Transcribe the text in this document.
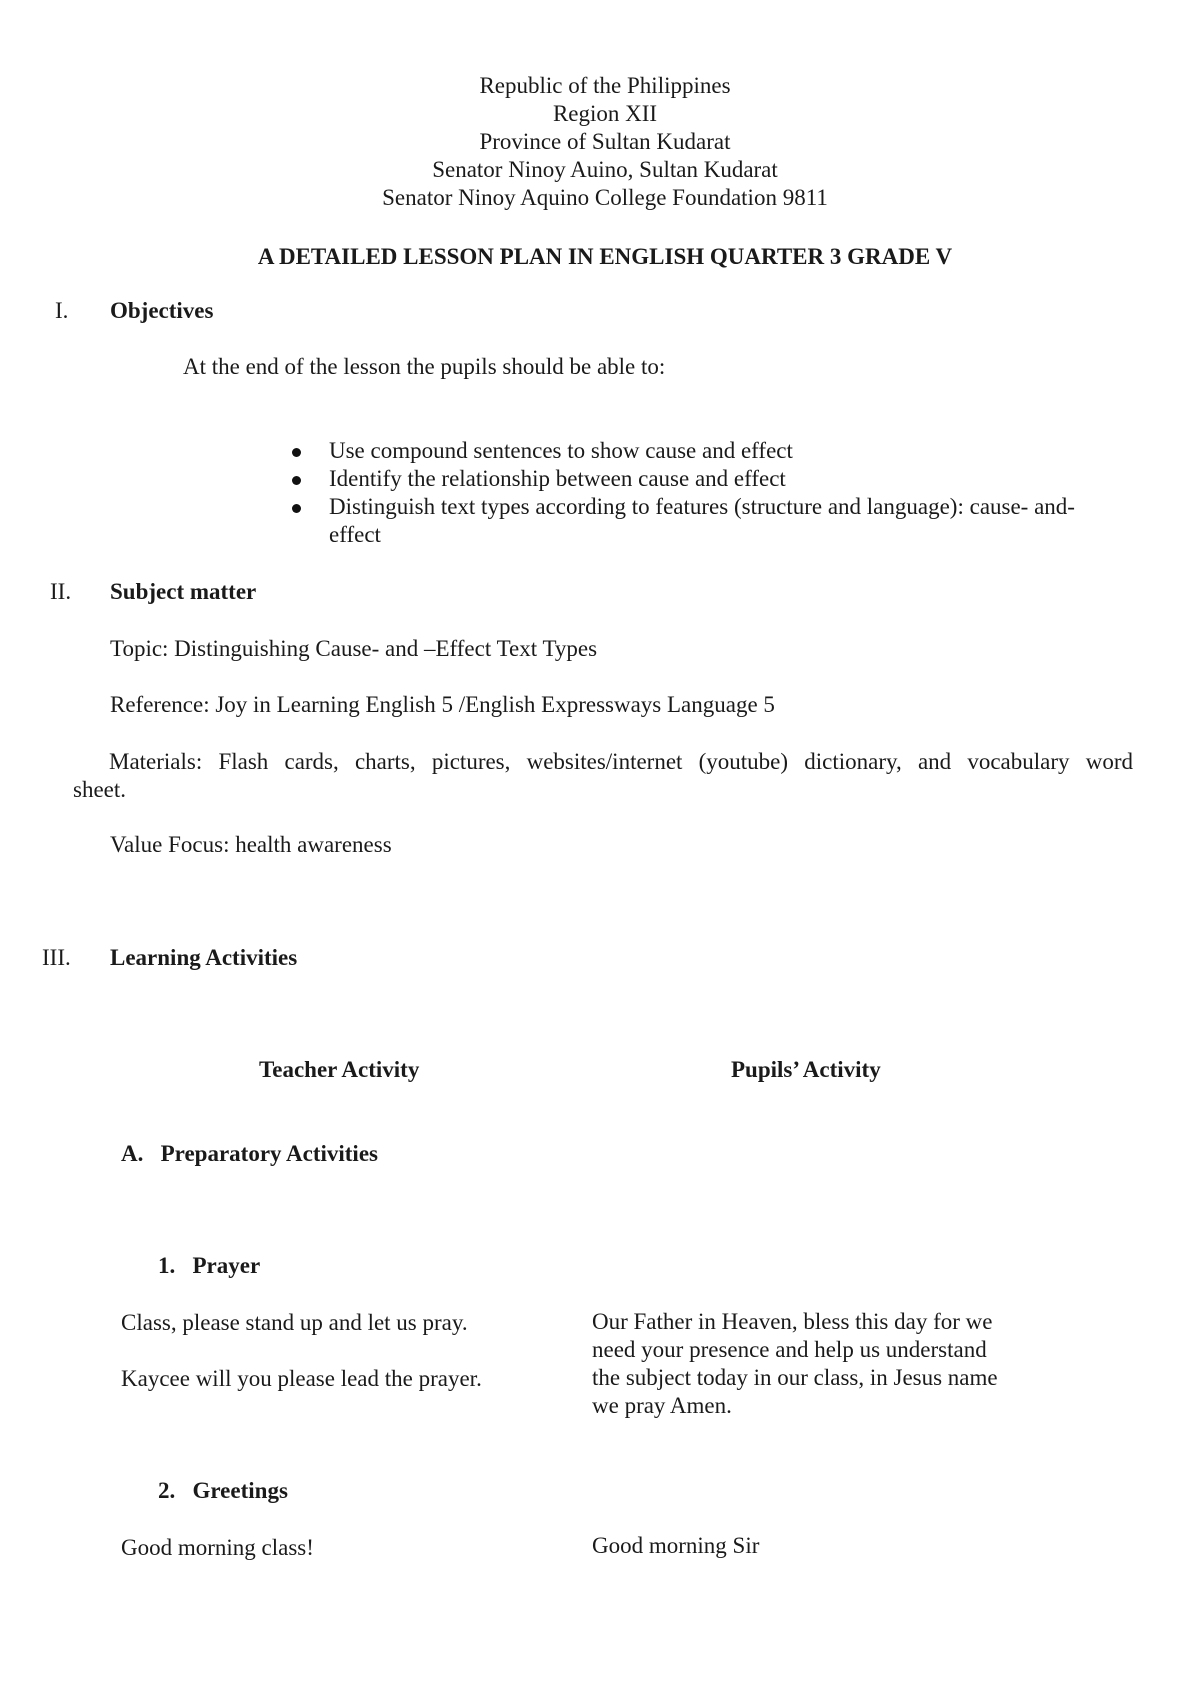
Republic of the Philippines
Region XII
Province of Sultan Kudarat
Senator Ninoy Auino, Sultan Kudarat
Senator Ninoy Aquino College Foundation 9811
A DETAILED LESSON PLAN IN ENGLISH QUARTER 3 GRADE V
I. Objectives
At the end of the lesson the pupils should be able to:
Use compound sentences to show cause and effect
Identify the relationship between cause and effect
Distinguish text types according to features (structure and language): cause- and-
effect
II. Subject matter
Topic: Distinguishing Cause- and –Effect Text Types
Reference: Joy in Learning English 5 /English Expressways Language 5
Materials: Flash cards, charts, pictures, websites/internet (youtube) dictionary, and vocabulary word
sheet.
Value Focus: health awareness
III. Learning Activities
Teacher Activity	Pupils’ Activity
A.   Preparatory Activities
1.   Prayer
Class, please stand up and let us pray.
Kaycee will you please lead the prayer.
Our Father in Heaven, bless this day for we
need your presence and help us understand
the subject today in our class, in Jesus name
we pray Amen.
2.   Greetings
Good morning class!	Good morning Sir
